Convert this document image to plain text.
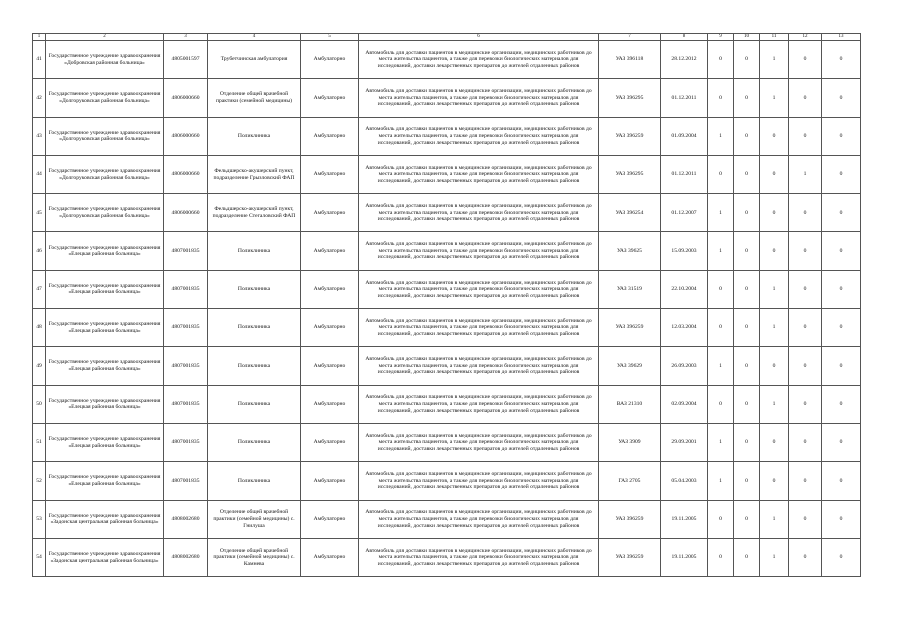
1	2	3	4	5	6	7	8	9	10	11	12	13
41	Государственное учреждение здравоохранения «Добровская районная больница»	4805001597	Трубетчинская амбулатория	Амбулаторно	Автомобиль для доставки пациентов в медицинские организации, медицинских работников до места жительства пациентов, а также для перевозки биологических материалов для исследований, доставки лекарственных препаратов до жителей отдаленных районов	УАЗ 396118	28.12.2012	0	0	1	0	0
42	Государственное учреждение здравоохранения «Долгоруковская районная больница»	4806000660	Отделение общей врачебной практики (семейной медицины)	Амбулаторно	Автомобиль для доставки пациентов в медицинские организации, медицинских работников до места жительства пациентов, а также для перевозки биологических материалов для исследований, доставки лекарственных препаратов до жителей отдаленных районов	УАЗ 396295	01.12.2011	0	0	1	0	0
43	Государственное учреждение здравоохранения «Долгоруковская районная больница»	4806000660	Поликлиника	Амбулаторно	Автомобиль для доставки пациентов в медицинские организации, медицинских работников до места жительства пациентов, а также для перевозки биологических материалов для исследований, доставки лекарственных препаратов до жителей отдаленных районов	УАЗ 396259	01.09.2004	1	0	0	0	0
44	Государственное учреждение здравоохранения «Долгоруковская районная больница»	4806000660	Фельдшерско-акушерский пункт, подразделение Грызловский ФАП	Амбулаторно	Автомобиль для доставки пациентов в медицинские организации, медицинских работников до места жительства пациентов, а также для перевозки биологических материалов для исследований, доставки лекарственных препаратов до жителей отдаленных районов	УАЗ 396295	01.12.2011	0	0	0	1	0
45	Государственное учреждение здравоохранения «Долгоруковская районная больница»	4806000660	Фельдшерско-акушерский пункт, подразделение Стегаловский ФАП	Амбулаторно	Автомобиль для доставки пациентов в медицинские организации, медицинских работников до места жительства пациентов, а также для перевозки биологических материалов для исследований, доставки лекарственных препаратов до жителей отдаленных районов	УАЗ 396254	01.12.2007	1	0	0	0	0
46	Государственное учреждение здравоохранения «Елецкая районная больница»	4807001835	Поликлиника	Амбулаторно	Автомобиль для доставки пациентов в медицинские организации, медицинских работников до места жительства пациентов, а также для перевозки биологических материалов для исследований, доставки лекарственных препаратов до жителей отдаленных районов	УАЗ 39625	15.09.2003	1	0	0	0	0
47	Государственное учреждение здравоохранения «Елецкая районная больница»	4807001835	Поликлиника	Амбулаторно	Автомобиль для доставки пациентов в медицинские организации, медицинских работников до места жительства пациентов, а также для перевозки биологических материалов для исследований, доставки лекарственных препаратов до жителей отдаленных районов	УАЗ 31519	22.10.2004	0	0	1	0	0
48	Государственное учреждение здравоохранения «Елецкая районная больница»	4807001835	Поликлиника	Амбулаторно	Автомобиль для доставки пациентов в медицинские организации, медицинских работников до места жительства пациентов, а также для перевозки биологических материалов для исследований, доставки лекарственных препаратов до жителей отдаленных районов	УАЗ 396259	12.03.2004	0	0	1	0	0
49	Государственное учреждение здравоохранения «Елецкая районная больница»	4807001835	Поликлиника	Амбулаторно	Автомобиль для доставки пациентов в медицинские организации, медицинских работников до места жительства пациентов, а также для перевозки биологических материалов для исследований, доставки лекарственных препаратов до жителей отдаленных районов	УАЗ 39629	26.09.2003	1	0	0	0	0
50	Государственное учреждение здравоохранения «Елецкая районная больница»	4807001835	Поликлиника	Амбулаторно	Автомобиль для доставки пациентов в медицинские организации, медицинских работников до места жительства пациентов, а также для перевозки биологических материалов для исследований, доставки лекарственных препаратов до жителей отдаленных районов	ВАЗ 21310	02.09.2004	0	0	1	0	0
51	Государственное учреждение здравоохранения «Елецкая районная больница»	4807001835	Поликлиника	Амбулаторно	Автомобиль для доставки пациентов в медицинские организации, медицинских работников до места жительства пациентов, а также для перевозки биологических материалов для исследований, доставки лекарственных препаратов до жителей отдаленных районов	УАЗ 3909	29.09.2001	1	0	0	0	0
52	Государственное учреждение здравоохранения «Елецкая районная больница»	4807001835	Поликлиника	Амбулаторно	Автомобиль для доставки пациентов в медицинские организации, медицинских работников до места жительства пациентов, а также для перевозки биологических материалов для исследований, доставки лекарственных препаратов до жителей отдаленных районов	ГАЗ 2705	05.04.2003	1	0	0	0	0
53	Государственное учреждение здравоохранения «Задонская центральная районная больница»	4808002680	Отделение общей врачебной практики (семейной медицины) с. Гнилуша	Амбулаторно	Автомобиль для доставки пациентов в медицинские организации, медицинских работников до места жительства пациентов, а также для перевозки биологических материалов для исследований, доставки лекарственных препаратов до жителей отдаленных районов	УАЗ 396259	19.11.2005	0	0	1	0	0
54	Государственное учреждение здравоохранения «Задонская центральная районная больница»	4808002680	Отделение общей врачебной практики (семейной медицины) с. Камнева	Амбулаторно	Автомобиль для доставки пациентов в медицинские организации, медицинских работников до места жительства пациентов, а также для перевозки биологических материалов для исследований, доставки лекарственных препаратов до жителей отдаленных районов	УАЗ 396259	19.11.2005	0	0	1	0	0
